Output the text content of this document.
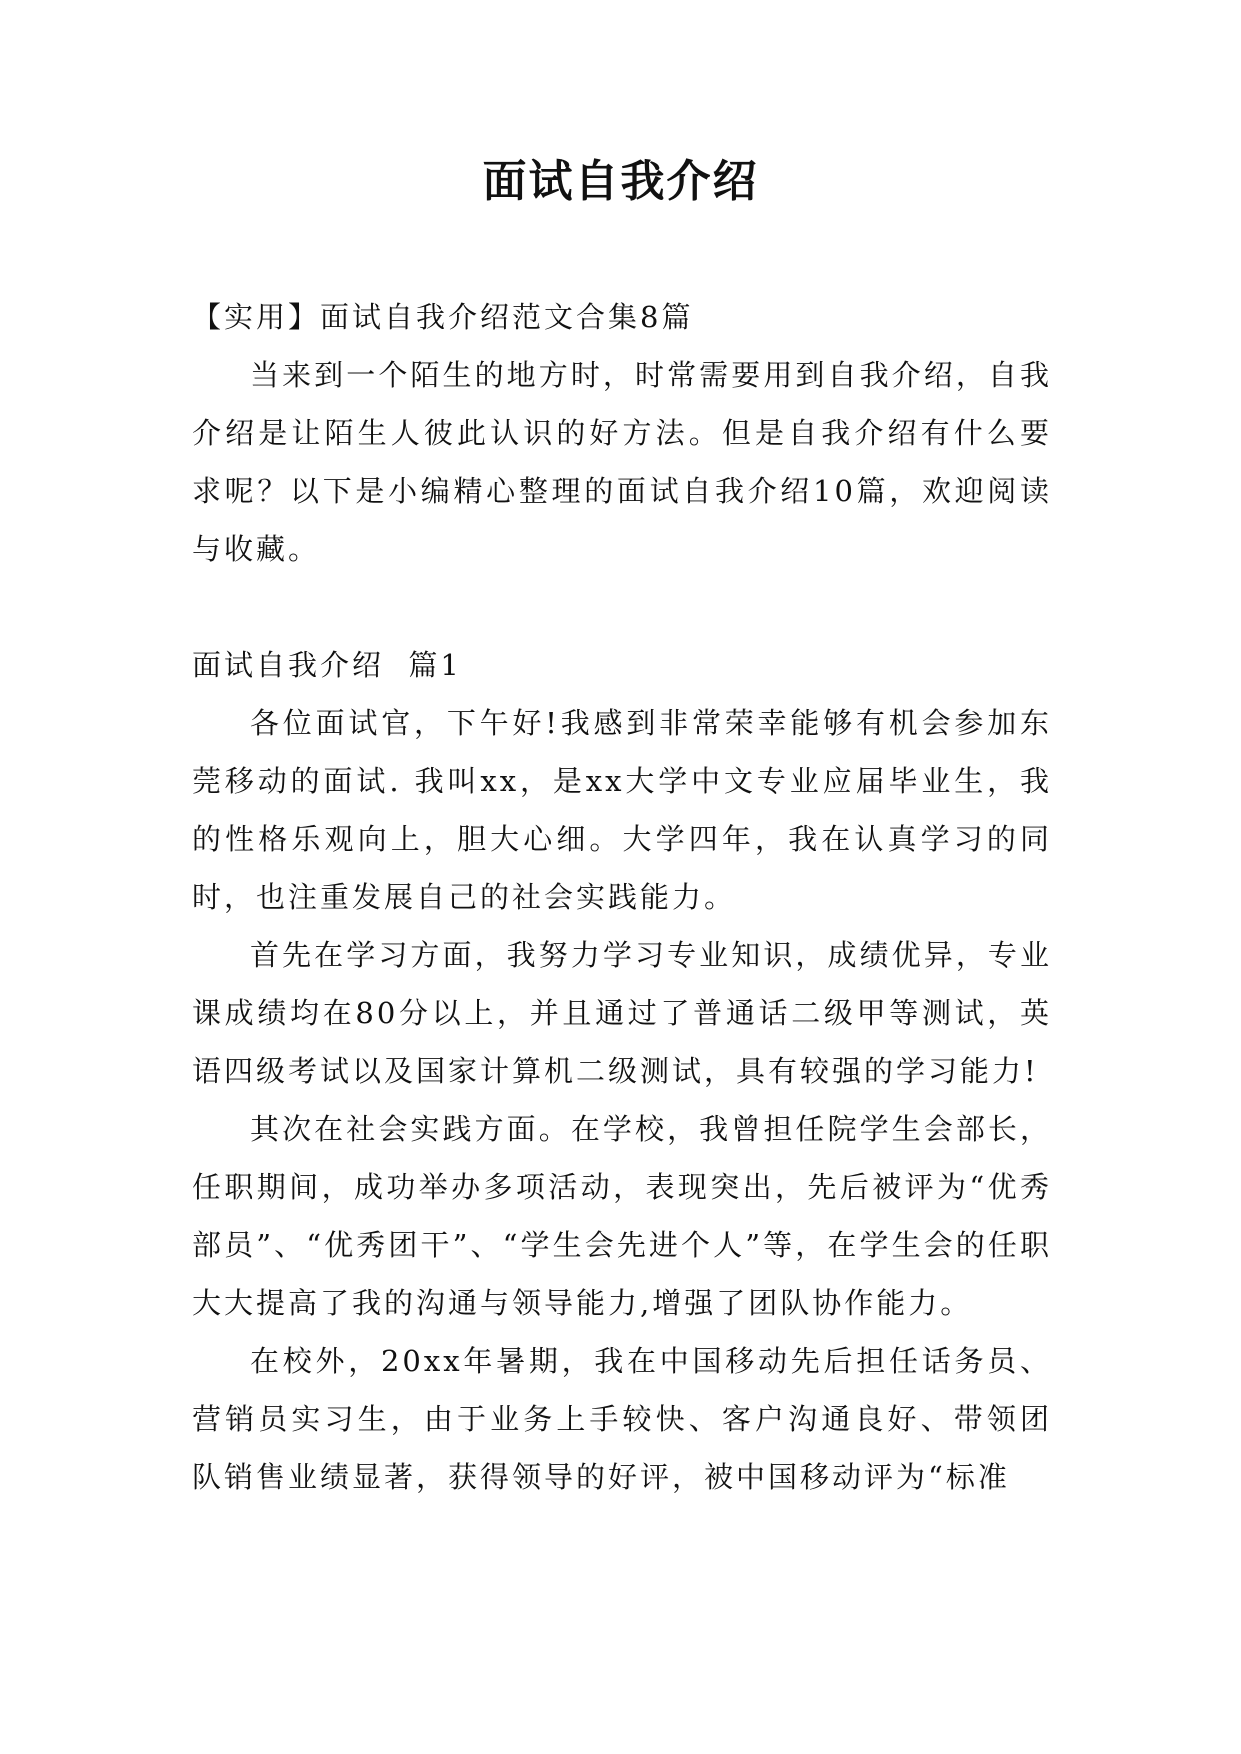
面试自我介绍

【实用】面试自我介绍范文合集8篇

当来到一个陌生的地方时，时常需要用到自我介绍，自我介绍是让陌生人彼此认识的好方法。但是自我介绍有什么要求呢？以下是小编精心整理的面试自我介绍10篇，欢迎阅读与收藏。

面试自我介绍  篇1

各位面试官，下午好!我感到非常荣幸能够有机会参加东莞移动的面试. 我叫xx，是xx大学中文专业应届毕业生，我的性格乐观向上，胆大心细。大学四年，我在认真学习的同时，也注重发展自己的社会实践能力。

首先在学习方面，我努力学习专业知识，成绩优异，专业课成绩均在80分以上，并且通过了普通话二级甲等测试，英语四级考试以及国家计算机二级测试，具有较强的学习能力!

其次在社会实践方面。在学校，我曾担任院学生会部长，任职期间，成功举办多项活动，表现突出，先后被评为“优秀部员”、“优秀团干”、“学生会先进个人”等，在学生会的任职大大提高了我的沟通与领导能力,增强了团队协作能力。

在校外，20xx年暑期，我在中国移动先后担任话务员、营销员实习生，由于业务上手较快、客户沟通良好、带领团队销售业绩显著，获得领导的好评，被中国移动评为“标准
